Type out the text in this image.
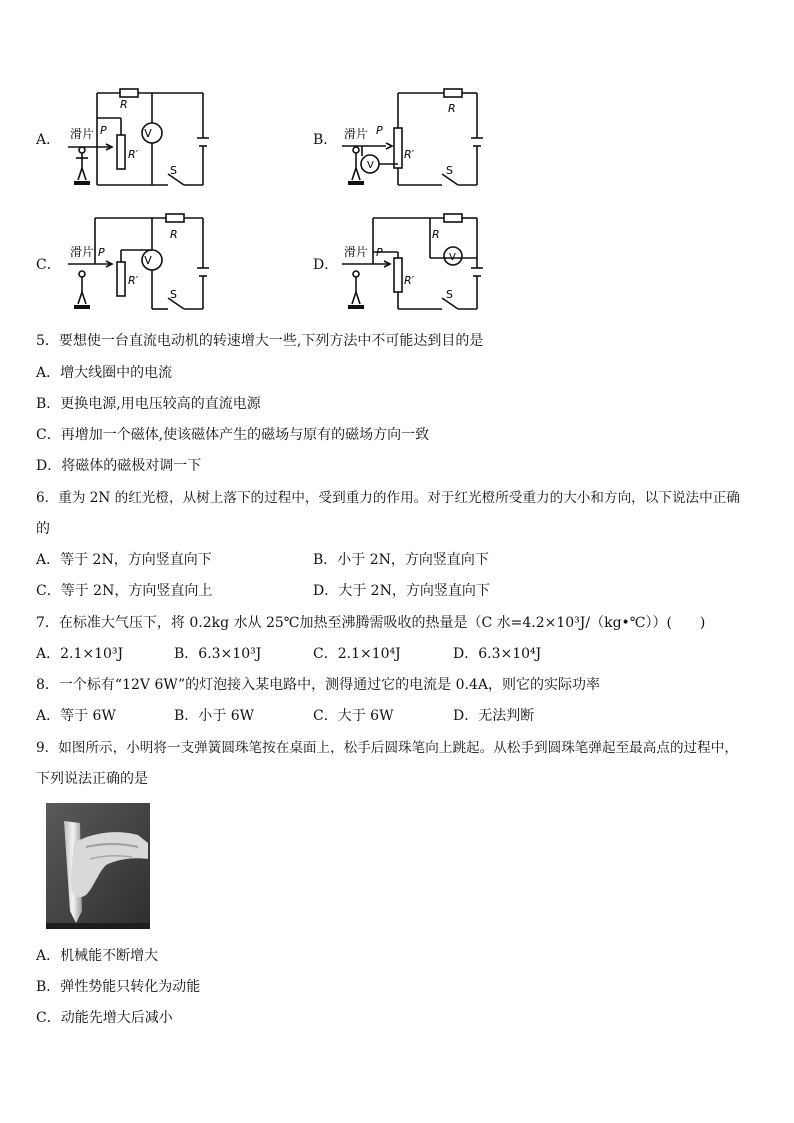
A．	V
R
R′
S
P
滑片	B．
V
R
R′
S
P
滑片
C．	V
R
R′
S
P
滑片
D．	V
R
R′
S
P
滑片
5．要想使一台直流电动机的转速增大一些,下列方法中不可能达到目的是
A．增大线圈中的电流
B．更换电源,用电压较高的直流电源
C．再增加一个磁体,使该磁体产生的磁场与原有的磁场方向一致
D．将磁体的磁极对调一下
6．重为 2N 的红光橙，从树上落下的过程中，受到重力的作用。对于红光橙所受重力的大小和方向，以下说法中正确
的
A．等于 2N，方向竖直向下	B．小于 2N，方向竖直向下
C．等于 2N，方向竖直向上	D．大于 2N，方向竖直向下
7．在标准大气压下，将 0.2kg 水从 25℃加热至沸腾需吸收的热量是（C 水=4.2×10³J/（kg•℃））(　　)
A．2.1×10³J	B．6.3×10³J	C．2.1×10⁴J	D．6.3×10⁴J
8．一个标有“12V 6W”的灯泡接入某电路中，测得通过它的电流是 0.4A，则它的实际功率
A．等于 6W	B．小于 6W	C．大于 6W	D．无法判断
9．如图所示，小明将一支弹簧圆珠笔按在桌面上，松手后圆珠笔向上跳起。从松手到圆珠笔弹起至最高点的过程中，
下列说法正确的是
A．机械能不断增大
B．弹性势能只转化为动能
C．动能先增大后减小
